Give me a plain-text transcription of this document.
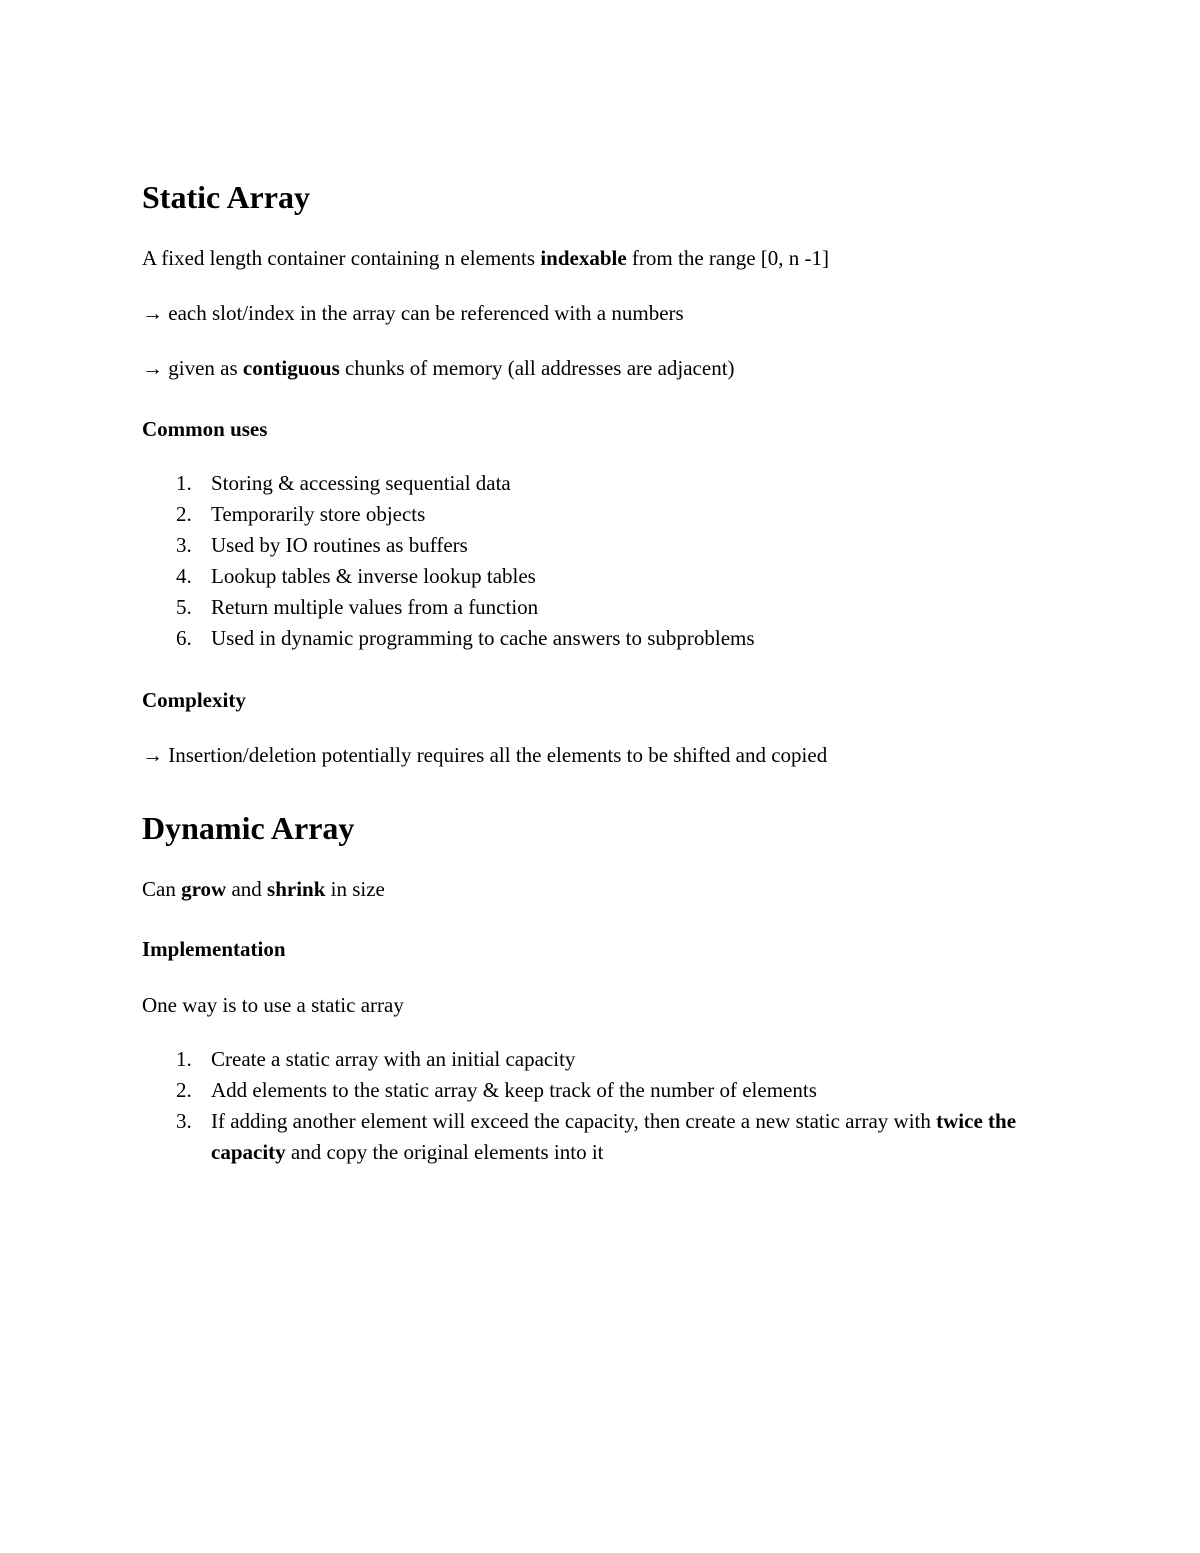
Static Array

A fixed length container containing n elements indexable from the range [0, n -1]

→ each slot/index in the array can be referenced with a numbers

→ given as contiguous chunks of memory (all addresses are adjacent)

Common uses
1. Storing & accessing sequential data
2. Temporarily store objects
3. Used by IO routines as buffers
4. Lookup tables & inverse lookup tables
5. Return multiple values from a function
6. Used in dynamic programming to cache answers to subproblems
Complexity

→ Insertion/deletion potentially requires all the elements to be shifted and copied

Dynamic Array

Can grow and shrink in size

Implementation

One way is to use a static array

1. Create a static array with an initial capacity
2. Add elements to the static array & keep track of the number of elements
3. If adding another element will exceed the capacity, then create a new static array with twice the capacity and copy the original elements into it
